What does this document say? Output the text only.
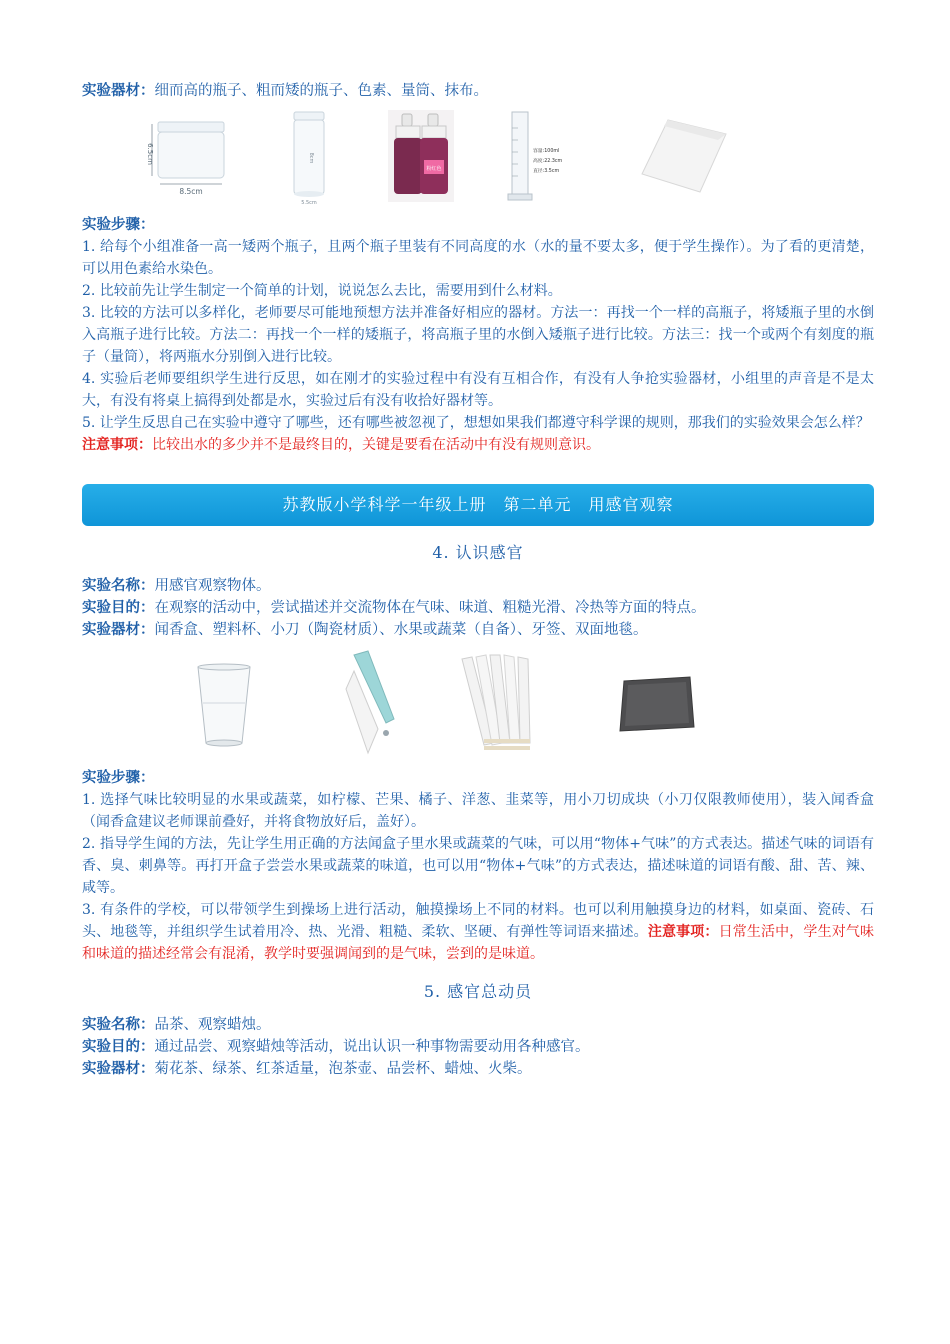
实验器材：细而高的瓶子、粗而矮的瓶子、色素、量筒、抹布。

6.5cm
8.5cm
8cm
5.5cm
粉红色
容量:100ml
高度:22.3cm
直径:3.5cm

实验步骤：

1. 给每个小组准备一高一矮两个瓶子，且两个瓶子里装有不同高度的水（水的量不要太多，便于学生操作）。为了看的更清楚，可以用色素给水染色。

2. 比较前先让学生制定一个简单的计划，说说怎么去比，需要用到什么材料。

3. 比较的方法可以多样化，老师要尽可能地预想方法并准备好相应的器材。方法一：再找一个一样的高瓶子，将矮瓶子里的水倒入高瓶子进行比较。方法二：再找一个一样的矮瓶子，将高瓶子里的水倒入矮瓶子进行比较。方法三：找一个或两个有刻度的瓶子（量筒），将两瓶水分别倒入进行比较。

4. 实验后老师要组织学生进行反思，如在刚才的实验过程中有没有互相合作，有没有人争抢实验器材，小组里的声音是不是太大，有没有将桌上搞得到处都是水，实验过后有没有收拾好器材等。

5. 让学生反思自己在实验中遵守了哪些，还有哪些被忽视了，想想如果我们都遵守科学课的规则，那我们的实验效果会怎么样？

注意事项：比较出水的多少并不是最终目的，关键是要看在活动中有没有规则意识。

苏教版小学科学一年级上册　第二单元　用感官观察
4. 认识感官

实验名称：用感官观察物体。

实验目的：在观察的活动中，尝试描述并交流物体在气味、味道、粗糙光滑、冷热等方面的特点。

实验器材：闻香盒、塑料杯、小刀（陶瓷材质）、水果或蔬菜（自备）、牙签、双面地毯。

实验步骤：

1. 选择气味比较明显的水果或蔬菜，如柠檬、芒果、橘子、洋葱、韭菜等，用小刀切成块（小刀仅限教师使用），装入闻香盒（闻香盒建议老师课前叠好，并将食物放好后，盖好）。

2. 指导学生闻的方法，先让学生用正确的方法闻盒子里水果或蔬菜的气味，可以用“物体+气味”的方式表达。描述气味的词语有香、臭、刺鼻等。再打开盒子尝尝水果或蔬菜的味道，也可以用“物体+气味”的方式表达，描述味道的词语有酸、甜、苦、辣、咸等。

3. 有条件的学校，可以带领学生到操场上进行活动，触摸操场上不同的材料。也可以利用触摸身边的材料，如桌面、瓷砖、石头、地毯等，并组织学生试着用冷、热、光滑、粗糙、柔软、坚硬、有弹性等词语来描述。注意事项：日常生活中，学生对气味和味道的描述经常会有混淆，教学时要强调闻到的是气味，尝到的是味道。

5. 感官总动员

实验名称：品茶、观察蜡烛。

实验目的：通过品尝、观察蜡烛等活动，说出认识一种事物需要动用各种感官。

实验器材：菊花茶、绿茶、红茶适量，泡茶壶、品尝杯、蜡烛、火柴。
